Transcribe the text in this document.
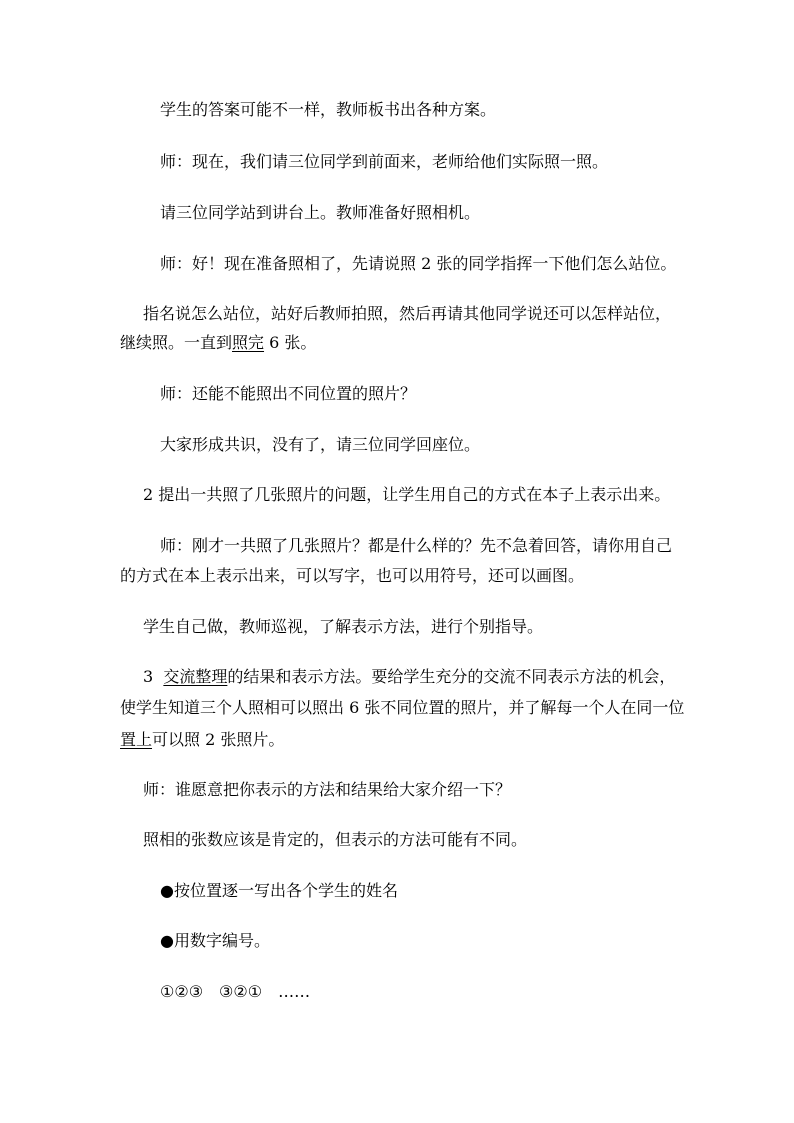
学生的答案可能不一样，教师板书出各种方案。
师：现在，我们请三位同学到前面来，老师给他们实际照一照。
请三位同学站到讲台上。教师准备好照相机。
师：好！现在准备照相了，先请说照 2 张的同学指挥一下他们怎么站位。
指名说怎么站位，站好后教师拍照，然后再请其他同学说还可以怎样站位，
继续照。一直到照完 6 张。
师：还能不能照出不同位置的照片？
大家形成共识，没有了，请三位同学回座位。
2 提出一共照了几张照片的问题，让学生用自己的方式在本子上表示出来。
师：刚才一共照了几张照片？都是什么样的？先不急着回答，请你用自己
的方式在本上表示出来，可以写字，也可以用符号，还可以画图。
学生自己做，教师巡视，了解表示方法，进行个别指导。
3  交流整理的结果和表示方法。要给学生充分的交流不同表示方法的机会，
使学生知道三个人照相可以照出 6 张不同位置的照片，并了解每一个人在同一位
置上可以照 2 张照片。
师：谁愿意把你表示的方法和结果给大家介绍一下？
照相的张数应该是肯定的，但表示的方法可能有不同。
●按位置逐一写出各个学生的姓名
●用数字编号。
①②③　③②①　……
